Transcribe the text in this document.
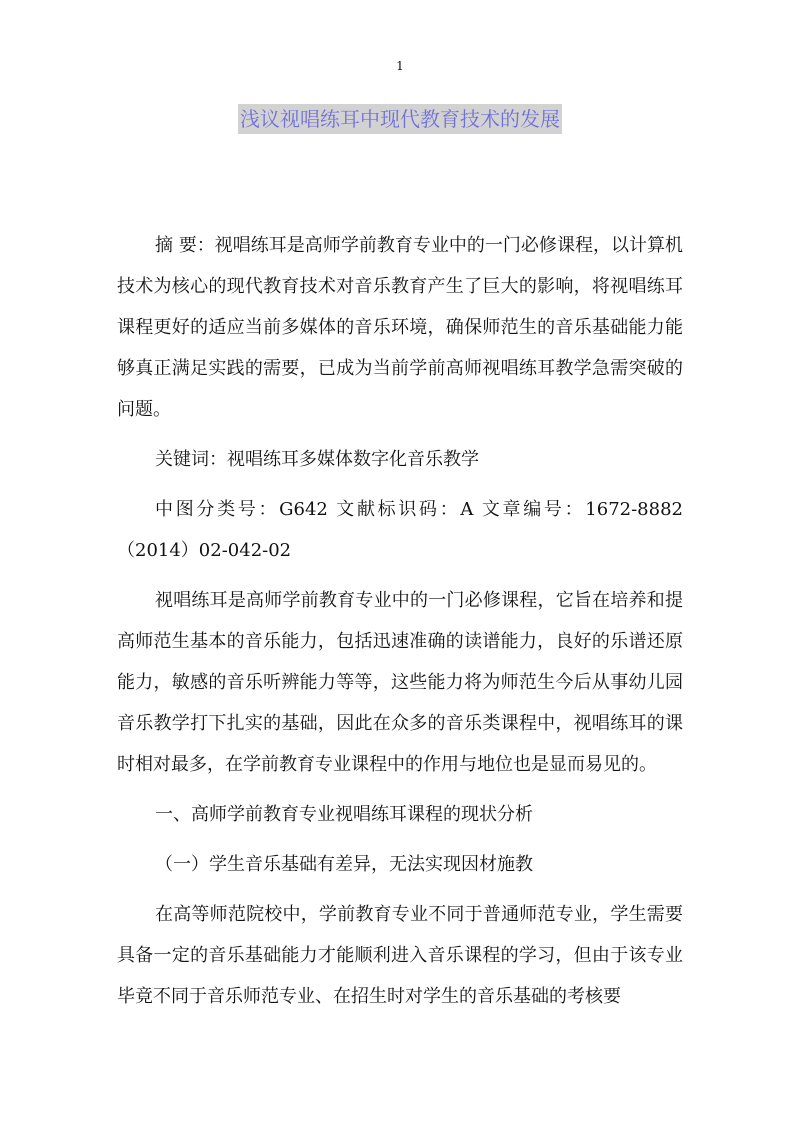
1
浅议视唱练耳中现代教育技术的发展

摘 要：视唱练耳是高师学前教育专业中的一门必修课程，以计算机技术为核心的现代教育技术对音乐教育产生了巨大的影响，将视唱练耳课程更好的适应当前多媒体的音乐环境，确保师范生的音乐基础能力能够真正满足实践的需要，已成为当前学前高师视唱练耳教学急需突破的问题。

关键词：视唱练耳多媒体数字化音乐教学

中图分类号：G642 文献标识码：A 文章编号：1672-8882（2014）02-042-02

视唱练耳是高师学前教育专业中的一门必修课程，它旨在培养和提高师范生基本的音乐能力，包括迅速准确的读谱能力，良好的乐谱还原能力，敏感的音乐听辨能力等等，这些能力将为师范生今后从事幼儿园音乐教学打下扎实的基础，因此在众多的音乐类课程中，视唱练耳的课时相对最多，在学前教育专业课程中的作用与地位也是显而易见的。

一、高师学前教育专业视唱练耳课程的现状分析

（一）学生音乐基础有差异，无法实现因材施教

在高等师范院校中，学前教育专业不同于普通师范专业，学生需要具备一定的音乐基础能力才能顺利进入音乐课程的学习，但由于该专业毕竟不同于音乐师范专业、在招生时对学生的音乐基础的考核要
